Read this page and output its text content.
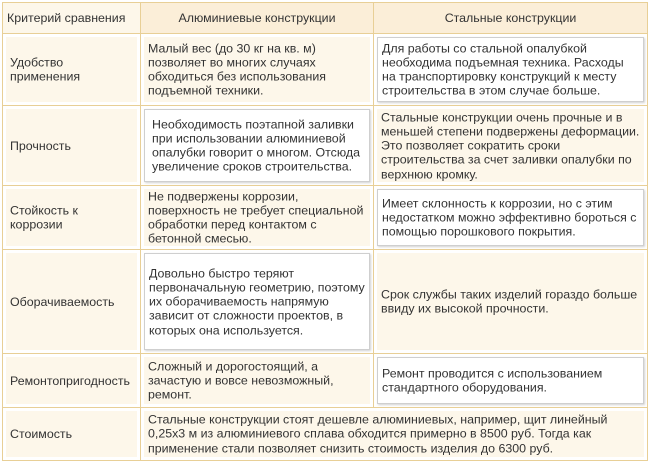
Критерий сравнения	Алюминиевые конструкции	Стальные конструкции
Удобство применения
Малый вес (до 30 кг на кв. м) позволяет во многих случаях обходиться без использования подъемной техники.
Для работы со стальной опалубкой необходима подъемная техника. Расходы на транспортировку конструкций к месту строительства в этом случае больше.
Прочность
Необходимость поэтапной заливки при использовании алюминиевой опалубки говорит о многом. Отсюда увеличение сроков строительства.
Стальные конструкции очень прочные и в меньшей степени подвержены деформации. Это позволяет сократить сроки строительства за счет заливки опалубки по верхнюю кромку.
Стойкость к коррозии
Не подвержены коррозии, поверхность не требует специальной обработки перед контактом с бетонной смесью.
Имеет склонность к коррозии, но с этим недостатком можно эффективно бороться с помощью порошкового покрытия.
Оборачиваемость
Довольно быстро теряют первоначальную геометрию, поэтому их оборачиваемость напрямую зависит от сложности проектов, в которых она используется.
Срок службы таких изделий гораздо больше ввиду их высокой прочности.
Ремонтопригодность
Сложный и дорогостоящий, а зачастую и вовсе невозможный, ремонт.
Ремонт проводится с использованием стандартного оборудования.
Стоимость
Стальные конструкции стоят дешевле алюминиевых, например, щит линейный 0,25х3 м из алюминиевого сплава обходится примерно в 8500 руб. Тогда как применение стали позволяет снизить стоимость изделия до 6300 руб.
